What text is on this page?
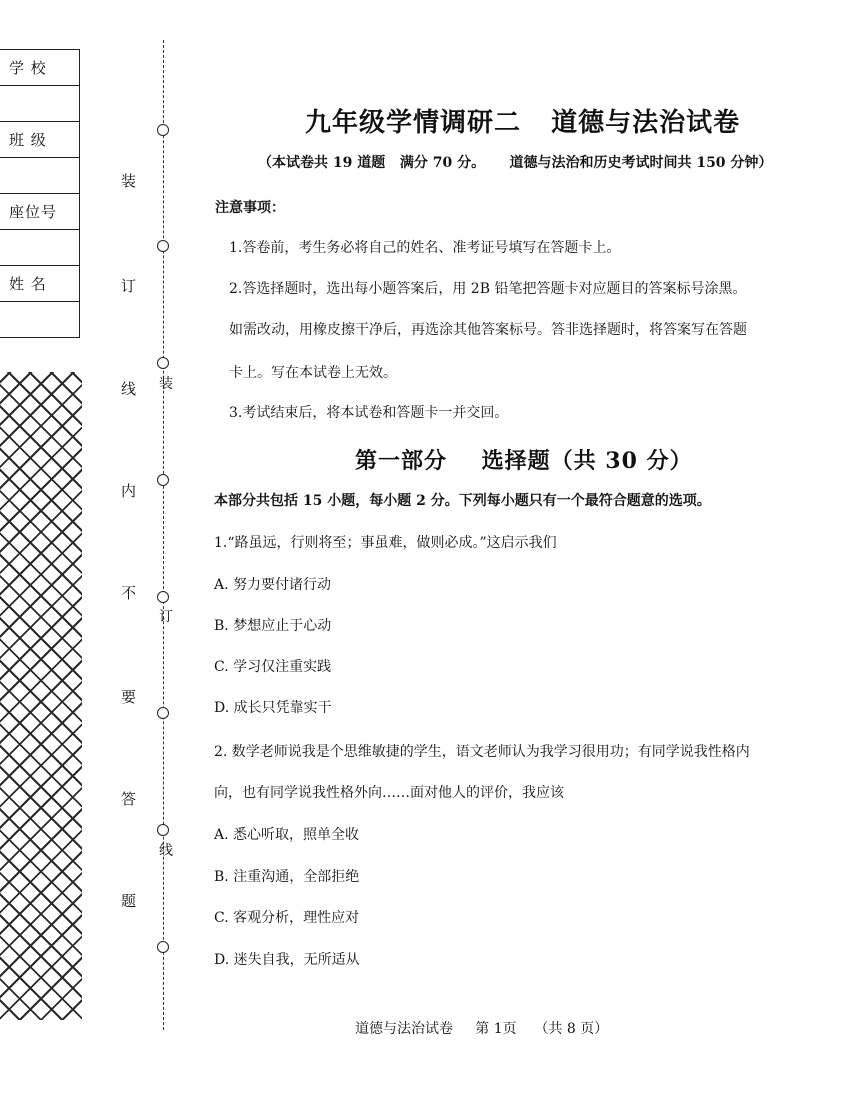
学 校
班 级
座位号
姓 名
装
订
线
内
不
要
答
题
装
订
线
九年级学情调研二   道德与法治试卷
（本试卷共 19 道题   满分 70 分。     道德与法治和历史考试时间共 150 分钟）
注意事项：
1.答卷前，考生务必将自己的姓名、准考证号填写在答题卡上。
2.答选择题时，选出每小题答案后，用 2B 铅笔把答题卡对应题目的答案标号涂黑。
如需改动，用橡皮擦干净后，再选涂其他答案标号。答非选择题时，将答案写在答题
卡上。写在本试卷上无效。
3.考试结束后，将本试卷和答题卡一并交回。
第一部分    选择题（共 30 分）
本部分共包括 15 小题，每小题 2 分。下列每小题只有一个最符合题意的选项。
1.“路虽远，行则将至；事虽难，做则必成。”这启示我们
A. 努力要付诸行动
B. 梦想应止于心动
C. 学习仅注重实践
D. 成长只凭靠实干
2. 数学老师说我是个思维敏捷的学生，语文老师认为我学习很用功；有同学说我性格内
向，也有同学说我性格外向……面对他人的评价，我应该
A. 悉心听取，照单全收
B. 注重沟通，全部拒绝
C. 客观分析，理性应对
D. 迷失自我，无所适从
道德与法治试卷     第 1页    （共 8 页）
